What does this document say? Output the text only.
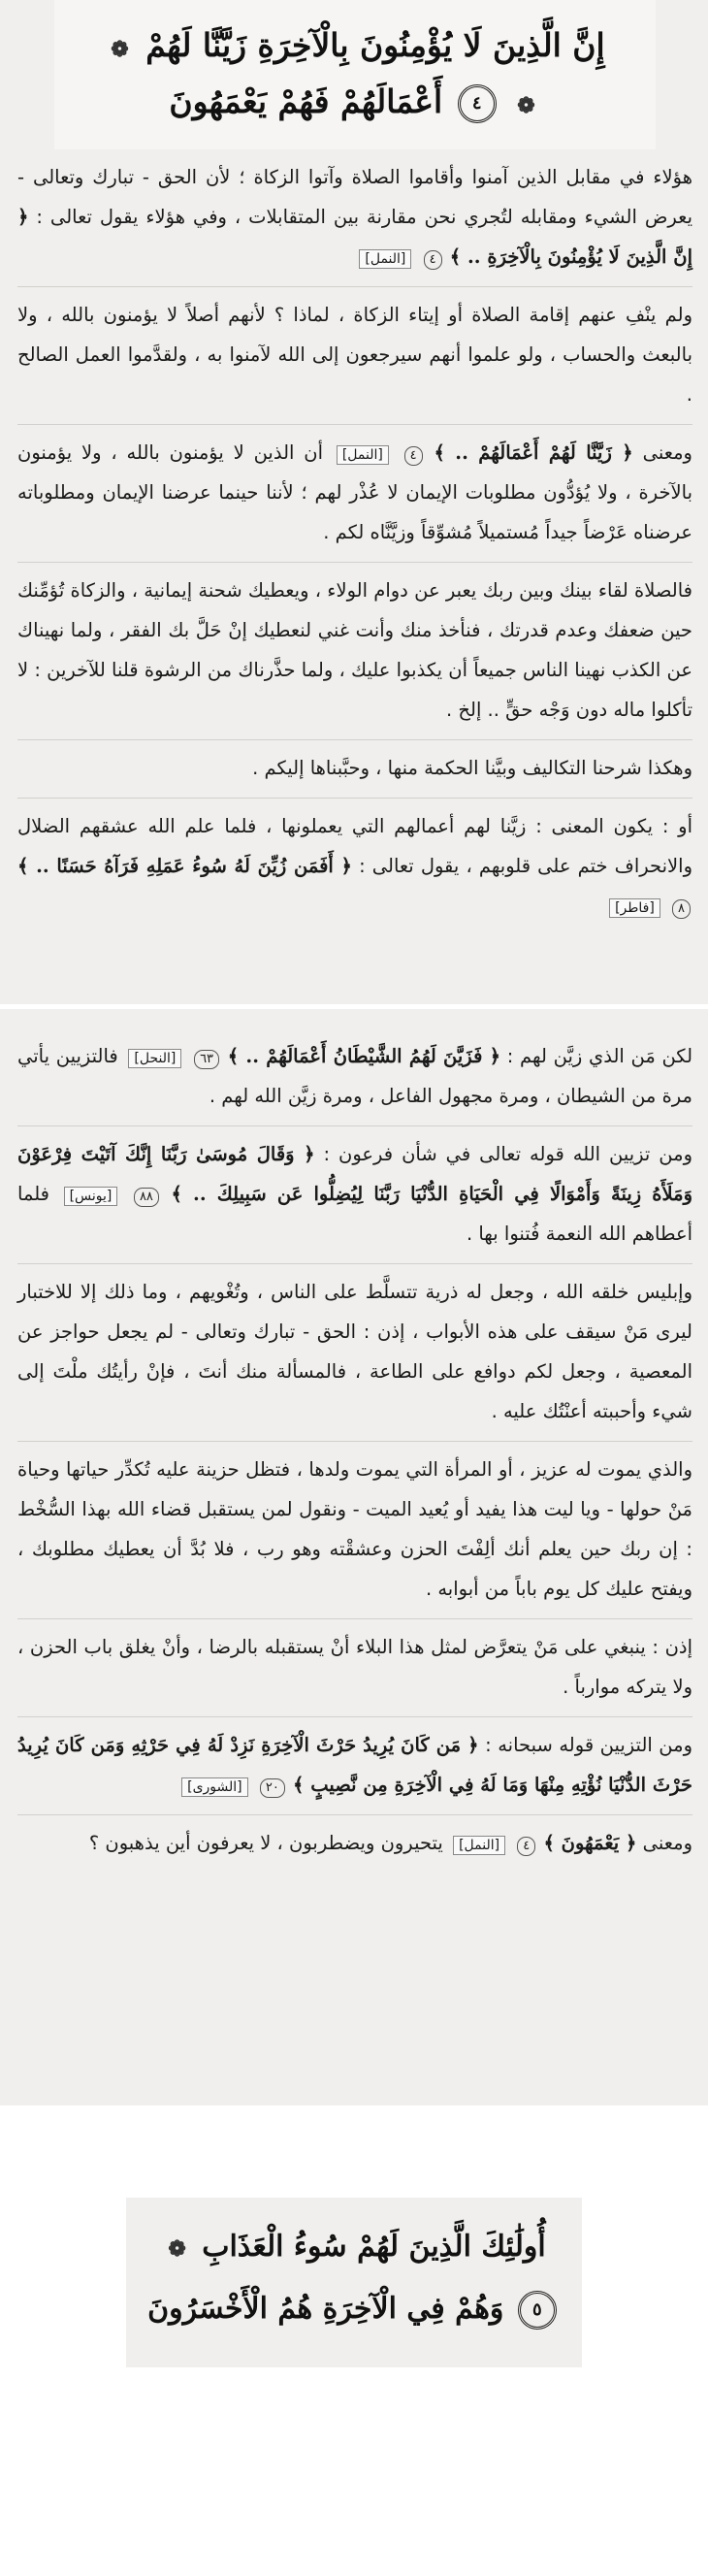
❁ إِنَّ الَّذِينَ لَا يُؤْمِنُونَ بِالْآخِرَةِ زَيَّنَّا لَهُمْ
أَعْمَالَهُمْ فَهُمْ يَعْمَهُونَ ٤ ❁

هؤلاء في مقابل الذين آمنوا وأقاموا الصلاة وآتوا الزكاة ؛ لأن الحق - تبارك وتعالى - يعرض الشيء ومقابله لتُجري نحن مقارنة بين المتقابلات ، وفي هؤلاء يقول تعالى : ﴿ إِنَّ الَّذِينَ لَا يُؤْمِنُونَ بِالْآخِرَةِ .. ﴾ ٤ [النمل]

ولم ينْفِ عنهم إقامة الصلاة أو إيتاء الزكاة ، لماذا ؟ لأنهم أصلاً لا يؤمنون بالله ، ولا بالبعث والحساب ، ولو علموا أنهم سيرجعون إلى الله لآمنوا به ، ولقدَّموا العمل الصالح .

ومعنى ﴿ زَيَّنَّا لَهُمْ أَعْمَالَهُمْ .. ﴾ ٤ [النمل] أن الذين لا يؤمنون بالله ، ولا يؤمنون بالآخرة ، ولا يُؤدُّون مطلوبات الإيمان لا عُذْر لهم ؛ لأننا حينما عرضنا الإيمان ومطلوباته عرضناه عَرْضاً جيداً مُستميلاً مُشوِّقاً وزيَّنَّاه لكم .

فالصلاة لقاء بينك وبين ربك يعبر عن دوام الولاء ، ويعطيك شحنة إيمانية ، والزكاة تُؤمِّنك حين ضعفك وعدم قدرتك ، فنأخذ منك وأنت غني لنعطيك إنْ حَلَّ بك الفقر ، ولما نهيناك عن الكذب نهينا الناس جميعاً أن يكذبوا عليك ، ولما حذَّرناك من الرشوة قلنا للآخرين : لا تأكلوا ماله دون وَجْه حقٍّ .. إلخ .

وهكذا شرحنا التكاليف وبيَّنا الحكمة منها ، وحبَّبناها إليكم .

أو : يكون المعنى : زيَّنا لهم أعمالهم التي يعملونها ، فلما علم الله عشقهم الضلال والانحراف ختم على قلوبهم ، يقول تعالى : ﴿ أَفَمَن زُيِّنَ لَهُ سُوءُ عَمَلِهِ فَرَآهُ حَسَنًا .. ﴾ ٨ [فاطر]

لكن مَن الذي زيَّن لهم : ﴿ فَزَيَّنَ لَهُمُ الشَّيْطَانُ أَعْمَالَهُمْ .. ﴾ ٦٣ [النحل] فالتزيين يأتي مرة من الشيطان ، ومرة مجهول الفاعل ، ومرة زيَّن الله لهم .

ومن تزيين الله قوله تعالى في شأن فرعون : ﴿ وَقَالَ مُوسَىٰ رَبَّنَا إِنَّكَ آتَيْتَ فِرْعَوْنَ وَمَلَأَهُ زِينَةً وَأَمْوَالًا فِي الْحَيَاةِ الدُّنْيَا رَبَّنَا لِيُضِلُّوا عَن سَبِيلِكَ .. ﴾ ٨٨ [يونس] فلما أعطاهم الله النعمة فُتنوا بها .

وإبليس خلقه الله ، وجعل له ذرية تتسلَّط على الناس ، وتُغْويهم ، وما ذلك إلا للاختبار ليرى مَنْ سيقف على هذه الأبواب ، إذن : الحق - تبارك وتعالى - لم يجعل حواجز عن المعصية ، وجعل لكم دوافع على الطاعة ، فالمسألة منك أنتَ ، فإنْ رأيتُك ملْتَ إلى شيء وأحببته أعنْتُك عليه .

والذي يموت له عزيز ، أو المرأة التي يموت ولدها ، فتظل حزينة عليه تُكدِّر حياتها وحياة مَنْ حولها - ويا ليت هذا يفيد أو يُعيد الميت - ونقول لمن يستقبل قضاء الله بهذا السُّخْط : إن ربك حين يعلم أنك ألِفْتَ الحزن وعشقْته وهو رب ، فلا بُدَّ أن يعطيك مطلوبك ، ويفتح عليك كل يوم باباً من أبوابه .

إذن : ينبغي على مَنْ يتعرَّض لمثل هذا البلاء أنْ يستقبله بالرضا ، وأنْ يغلق باب الحزن ، ولا يتركه موارباً .

ومن التزيين قوله سبحانه : ﴿ مَن كَانَ يُرِيدُ حَرْثَ الْآخِرَةِ نَزِدْ لَهُ فِي حَرْثِهِ وَمَن كَانَ يُرِيدُ حَرْثَ الدُّنْيَا نُؤْتِهِ مِنْهَا وَمَا لَهُ فِي الْآخِرَةِ مِن نَّصِيبٍ ﴾ ٢٠ [الشورى]

ومعنى ﴿ يَعْمَهُونَ ﴾ ٤ [النمل] يتحيرون ويضطربون ، لا يعرفون أين يذهبون ؟

❁ أُولَٰئِكَ الَّذِينَ لَهُمْ سُوءُ الْعَذَابِ
وَهُمْ فِي الْآخِرَةِ هُمُ الْأَخْسَرُونَ ٥
